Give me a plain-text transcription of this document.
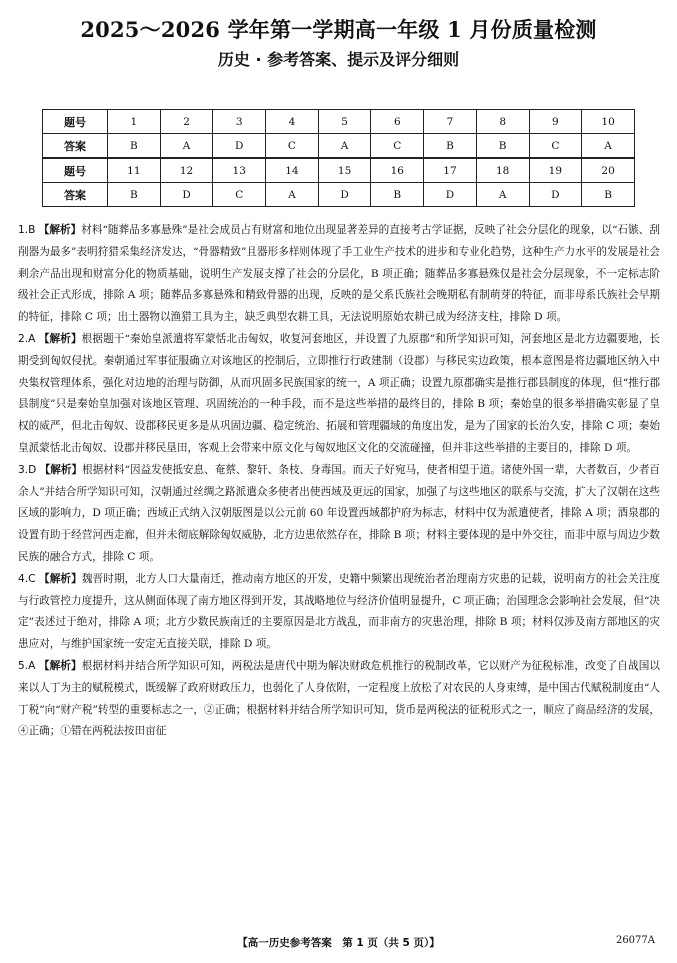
2025～2026 学年第一学期高一年级 1 月份质量检测
历史 · 参考答案、提示及评分细则
题号	1	2	3	4	5	6	7	8	9	10
答案	B	A	D	C	A	C	B	B	C	A
题号	11	12	13	14	15	16	17	18	19	20
答案	B	D	C	A	D	B	D	A	D	B

1.B 【解析】材料“随葬品多寡悬殊”是社会成员占有财富和地位出现显著差异的直接考古学证据，反映了社会分层化的现象，以“石镞、刮削器为最多”表明狩猎采集经济发达，“骨器精致”且器形多样则体现了手工业生产技术的进步和专业化趋势，这种生产力水平的发展是社会剩余产品出现和财富分化的物质基础，说明生产发展支撑了社会的分层化，B 项正确；随葬品多寡悬殊仅是社会分层现象，不一定标志阶级社会正式形成，排除 A 项；随葬品多寡悬殊和精致骨器的出现，反映的是父系氏族社会晚期私有制萌芽的特征，而非母系氏族社会早期的特征，排除 C 项；出土器物以渔猎工具为主，缺乏典型农耕工具，无法说明原始农耕已成为经济支柱，排除 D 项。

2.A 【解析】根据题干“秦始皇派遣将军蒙恬北击匈奴，收复河套地区，并设置了九原郡”和所学知识可知，河套地区是北方边疆要地，长期受到匈奴侵扰。秦朝通过军事征服确立对该地区的控制后，立即推行行政建制（设郡）与移民实边政策，根本意图是将边疆地区纳入中央集权管理体系，强化对边地的治理与防御，从而巩固多民族国家的统一，A 项正确；设置九原郡确实是推行郡县制度的体现，但“推行郡县制度”只是秦始皇加强对该地区管理、巩固统治的一种手段，而不是这些举措的最终目的，排除 B 项；秦始皇的很多举措确实彰显了皇权的威严，但北击匈奴、设郡移民更多是从巩固边疆、稳定统治、拓展和管理疆域的角度出发，是为了国家的长治久安，排除 C 项；秦始皇派蒙恬北击匈奴、设郡并移民垦田，客观上会带来中原文化与匈奴地区文化的交流碰撞，但并非这些举措的主要目的，排除 D 项。

3.D 【解析】根据材料“因益发使抵安息、奄蔡、黎轩、条枝、身毒国。而天子好宛马，使者相望于道。诸使外国一辈，大者数百，少者百余人”并结合所学知识可知，汉朝通过丝绸之路派遣众多使者出使西域及更远的国家，加强了与这些地区的联系与交流，扩大了汉朝在这些区域的影响力，D 项正确；西域正式纳入汉朝版图是以公元前 60 年设置西域都护府为标志，材料中仅为派遣使者，排除 A 项；酒泉郡的设置有助于经营河西走廊，但并未彻底解除匈奴威胁，北方边患依然存在，排除 B 项；材料主要体现的是中外交往，而非中原与周边少数民族的融合方式，排除 C 项。

4.C 【解析】魏晋时期，北方人口大量南迁，推动南方地区的开发，史籍中频繁出现统治者治理南方灾患的记载，说明南方的社会关注度与行政管控力度提升，这从侧面体现了南方地区得到开发，其战略地位与经济价值明显提升，C 项正确；治国理念会影响社会发展，但“决定”表述过于绝对，排除 A 项；北方少数民族南迁的主要原因是北方战乱，而非南方的灾患治理，排除 B 项；材料仅涉及南方部地区的灾患应对，与维护国家统一安定无直接关联，排除 D 项。

5.A 【解析】根据材料并结合所学知识可知，两税法是唐代中期为解决财政危机推行的税制改革，它以财产为征税标准，改变了自战国以来以人丁为主的赋税模式，既缓解了政府财政压力，也弱化了人身依附，一定程度上放松了对农民的人身束缚，是中国古代赋税制度由“人丁税”向“财产税”转型的重要标志之一，②正确；根据材料并结合所学知识可知，货币是两税法的征税形式之一，顺应了商品经济的发展，④正确；①错在两税法按田亩征

【高一历史参考答案　第 1 页（共 5 页）】	26077A
